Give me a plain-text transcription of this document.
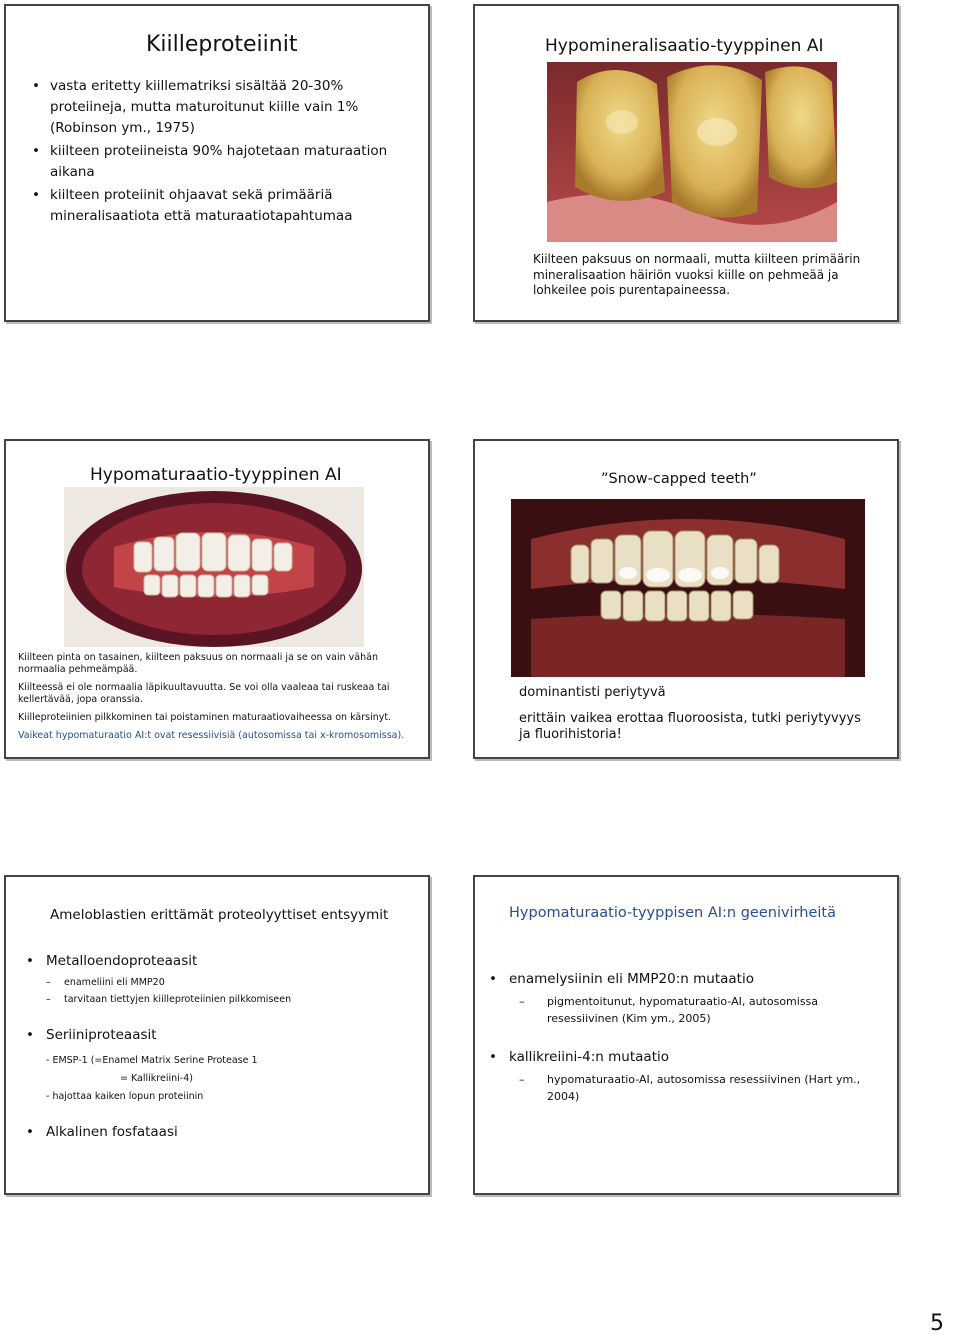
Kiilleproteiinit
• vasta eritetty kiillematriksi sisältää 20-30% proteiineja, mutta maturoitunut kiille vain 1% (Robinson ym., 1975)
• kiilteen proteiineista 90% hajotetaan maturaation aikana
• kiilteen proteiinit ohjaavat sekä primääriä mineralisaatiota että maturaatiotapahtumaa
Hypomineralisaatio-tyyppinen AI
Kiilteen paksuus on normaali, mutta kiilteen primäärin mineralisaation häiriön vuoksi kiille on pehmeää ja lohkeilee pois purentapaineessa.
Hypomaturaatio-tyyppinen AI

Kiilteen pinta on tasainen, kiilteen paksuus on normaali ja se on vain vähän normaalia pehmeämpää.

Kiilteessä ei ole normaalia läpikuultavuutta. Se voi olla vaaleaa tai ruskeaa tai kellertävää, jopa oranssia.

Kiilleproteiinien pilkkominen tai poistaminen maturaatiovaiheessa on kärsinyt.

Vaikeat hypomaturaatio AI:t ovat resessiivisiä (autosomissa tai x-kromosomissa).

”Snow-capped teeth”

dominantisti periytyvä

erittäin vaikea erottaa fluoroosista, tutki periytyvyys ja fluorihistoria!

Ameloblastien erittämät proteolyyttiset entsyymit
• Metalloendoproteaasit
– enameliini eli MMP20
– tarvitaan tiettyjen kiilleproteiinien pilkkomiseen
• Seriiniproteaasit
- EMSP-1 (=Enamel Matrix Serine Protease 1
= Kallikreiini-4)
- hajottaa kaiken lopun proteiinin
• Alkalinen fosfataasi
Hypomaturaatio-tyyppisen AI:n geenivirheitä
• enamelysiinin eli MMP20:n mutaatio
– pigmentoitunut, hypomaturaatio-AI, autosomissa resessiivinen (Kim ym., 2005)
• kallikreiini-4:n mutaatio
– hypomaturaatio-AI, autosomissa resessiivinen (Hart ym., 2004)
5
